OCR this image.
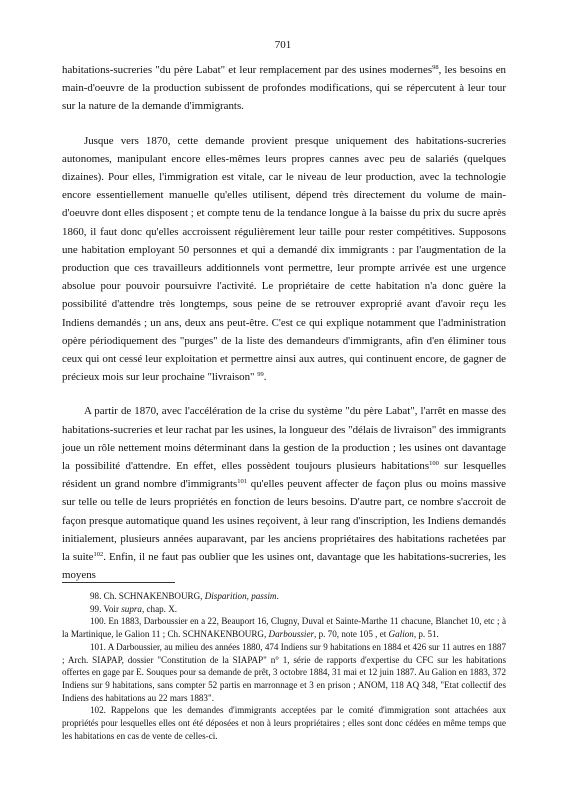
701

habitations-sucreries "du père Labat" et leur remplacement par des usines modernes$^{98}$, les besoins en main-d'oeuvre de la production subissent de profondes modifications, qui se répercutent à leur tour sur la nature de la demande d'immigrants.

Jusque vers 1870, cette demande provient presque uniquement des habitations-sucreries autonomes, manipulant encore elles-mêmes leurs propres cannes avec peu de salariés (quelques dizaines). Pour elles, l'immigration est vitale, car le niveau de leur production, avec la technologie encore essentiellement manuelle qu'elles utilisent, dépend très directement du volume de main-d'oeuvre dont elles disposent ; et compte tenu de la tendance longue à la baisse du prix du sucre après 1860, il faut donc qu'elles accroissent régulièrement leur taille pour rester compétitives. Supposons une habitation employant 50 personnes et qui a demandé dix immigrants : par l'augmentation de la production que ces travailleurs additionnels vont permettre, leur prompte arrivée est une urgence absolue pour pouvoir poursuivre l'activité. Le propriétaire de cette habitation n'a donc guère la possibilité d'attendre très longtemps, sous peine de se retrouver exproprié avant d'avoir reçu les Indiens demandés ; un ans, deux ans peut-être. C'est ce qui explique notamment que l'administration opère périodiquement des "purges" de la liste des demandeurs d'immigrants, afin d'en éliminer tous ceux qui ont cessé leur exploitation et permettre ainsi aux autres, qui continuent encore, de gagner de précieux mois sur leur prochaine "livraison" $^{99}$.

A partir de 1870, avec l'accélération de la crise du système "du père Labat", l'arrêt en masse des habitations-sucreries et leur rachat par les usines, la longueur des "délais de livraison" des immigrants joue un rôle nettement moins déterminant dans la gestion de la production ; les usines ont davantage la possibilité d'attendre. En effet, elles possèdent toujours plusieurs habitations$^{100}$ sur lesquelles résident un grand nombre d'immigrants$^{101}$ qu'elles peuvent affecter de façon plus ou moins massive sur telle ou telle de leurs propriétés en fonction de leurs besoins. D'autre part, ce nombre s'accroit de façon presque automatique quand les usines reçoivent, à leur rang d'inscription, les Indiens demandés initialement, plusieurs années auparavant, par les anciens propriétaires des habitations rachetées par la suite$^{102}$. Enfin, il ne faut pas oublier que les usines ont, davantage que les habitations-sucreries, les moyens

98. Ch. SCHNAKENBOURG, Disparition, passim.

99. Voir supra, chap. X.

100. En 1883, Darboussier en a 22, Beauport 16, Clugny, Duval et Sainte-Marthe 11 chacune, Blanchet 10, etc ; à la Martinique, le Galion 11 ; Ch. SCHNAKENBOURG, Darboussier, p. 70, note 105 , et Galion, p. 51.

101. A Darboussier, au milieu des années 1880, 474 Indiens sur 9 habitations en 1884 et 426 sur 11 autres en 1887 ; Arch. SIAPAP, dossier "Constitution de la SIAPAP" n° 1, série de rapports d'expertise du CFC sur les habitations offertes en gage par E. Souques pour sa demande de prêt, 3 octobre 1884, 31 mai et 12 juin 1887. Au Galion en 1883, 372 Indiens sur 9 habitations, sans compter 52 partis en marronnage et 3 en prison ; ANOM, 118 AQ 348, "Etat collectif des Indiens des habitations au 22 mars 1883".

102. Rappelons que les demandes d'immigrants acceptées par le comité d'immigration sont attachées aux propriétés pour lesquelles elles ont été déposées et non à leurs propriétaires ; elles sont donc cédées en même temps que les habitations en cas de vente de celles-ci.
